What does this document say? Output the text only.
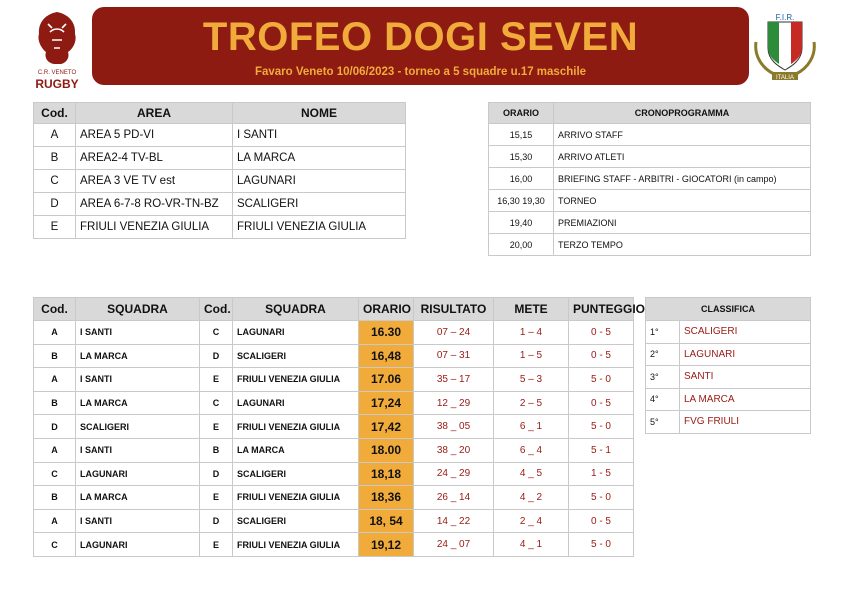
C.R. VENETO
RUGBY
F.I.R.
ITALIA
TROFEO DOGI SEVEN
Favaro Veneto 10/06/2023 - torneo a 5 squadre u.17 maschile
Cod.	AREA	NOME
A	AREA 5 PD-VI	I SANTI
B	AREA2-4 TV-BL	LA MARCA
C	AREA 3 VE TV est	LAGUNARI
D	AREA 6-7-8 RO-VR-TN-BZ	SCALIGERI
E	FRIULI VENEZIA GIULIA	FRIULI VENEZIA GIULIA
ORARIO	CRONOPROGRAMMA
15,15	ARRIVO STAFF
15,30	ARRIVO ATLETI
16,00	BRIEFING STAFF - ARBITRI - GIOCATORI (in campo)
16,30 19,30	TORNEO
19,40	PREMIAZIONI
20,00	TERZO TEMPO
Cod.	SQUADRA	Cod.	SQUADRA	ORARIO	RISULTATO	METE	PUNTEGGIO
A	I SANTI	C	LAGUNARI	16.30	07 – 24	1 – 4	0 - 5
B	LA MARCA	D	SCALIGERI	16,48	07 – 31	1 – 5	0 - 5
A	I SANTI	E	FRIULI VENEZIA GIULIA	17.06	35 – 17	5 – 3	5 - 0
B	LA MARCA	C	LAGUNARI	17,24	12 _ 29	2 – 5	0 - 5
D	SCALIGERI	E	FRIULI VENEZIA GIULIA	17,42	38 _ 05	6 _ 1	5 - 0
A	I SANTI	B	LA MARCA	18.00	38 _ 20	6 _ 4	5 - 1
C	LAGUNARI	D	SCALIGERI	18,18	24 _ 29	4 _ 5	1 - 5
B	LA MARCA	E	FRIULI VENEZIA GIULIA	18,36	26 _ 14	4 _ 2	5 - 0
A	I SANTI	D	SCALIGERI	18, 54	14 _ 22	2 _ 4	0 - 5
C	LAGUNARI	E	FRIULI VENEZIA GIULIA	19,12	24 _ 07	4 _ 1	5 - 0
CLASSIFICA	
1°	SCALIGERI
2°	LAGUNARI
3°	SANTI
4°	LA MARCA
5°	FVG FRIULI
